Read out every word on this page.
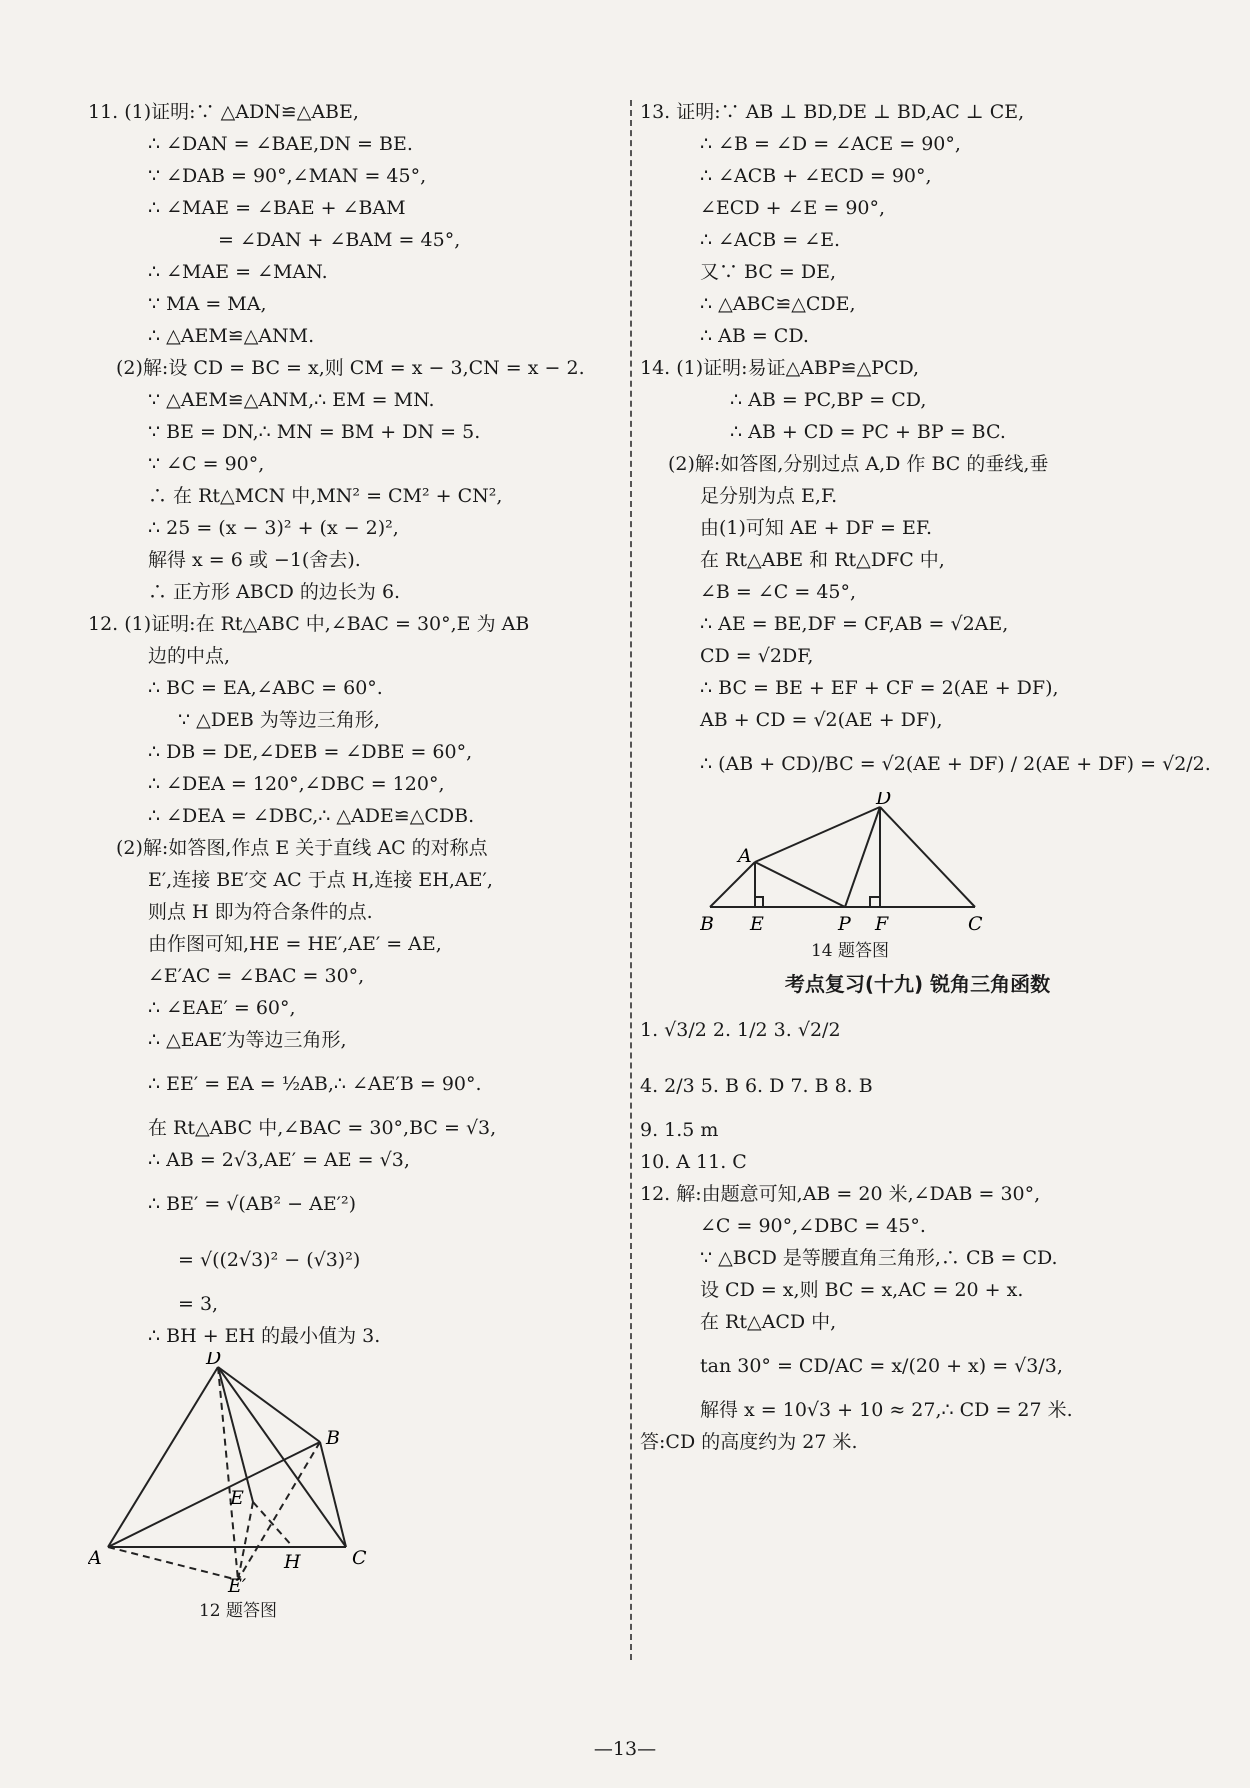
11. (1)证明:∵ △ADN≌△ABE,
∴ ∠DAN = ∠BAE,DN = BE.
∵ ∠DAB = 90°,∠MAN = 45°,
∴ ∠MAE = ∠BAE + ∠BAM
= ∠DAN + ∠BAM = 45°,
∴ ∠MAE = ∠MAN.
∵ MA = MA,
∴ △AEM≌△ANM.
(2)解:设 CD = BC = x,则 CM = x − 3,CN = x − 2.
∵ △AEM≌△ANM,∴ EM = MN.
∵ BE = DN,∴ MN = BM + DN = 5.
∵ ∠C = 90°,
∴ 在 Rt△MCN 中,MN² = CM² + CN²,
∴ 25 = (x − 3)² + (x − 2)²,
解得 x = 6 或 −1(舍去).
∴ 正方形 ABCD 的边长为 6.
12. (1)证明:在 Rt△ABC 中,∠BAC = 30°,E 为 AB
边的中点,
∴ BC = EA,∠ABC = 60°.
∵ △DEB 为等边三角形,
∴ DB = DE,∠DEB = ∠DBE = 60°,
∴ ∠DEA = 120°,∠DBC = 120°,
∴ ∠DEA = ∠DBC,∴ △ADE≌△CDB.
(2)解:如答图,作点 E 关于直线 AC 的对称点
E′,连接 BE′交 AC 于点 H,连接 EH,AE′,
则点 H 即为符合条件的点.
由作图可知,HE = HE′,AE′ = AE,
∠E′AC = ∠BAC = 30°,
∴ ∠EAE′ = 60°,
∴ △EAE′为等边三角形,
∴ EE′ = EA = ½AB,∴ ∠AE′B = 90°.
在 Rt△ABC 中,∠BAC = 30°,BC = √3,
∴ AB = 2√3,AE′ = AE = √3,
∴ BE′ = √(AB² − AE′²)
= √((2√3)² − (√3)²)
= 3,
∴ BH + EH 的最小值为 3.
D
B
E
A	H	C
E′
12 题答图
13. 证明:∵ AB ⊥ BD,DE ⊥ BD,AC ⊥ CE,
∴ ∠B = ∠D = ∠ACE = 90°,
∴ ∠ACB + ∠ECD = 90°,
∠ECD + ∠E = 90°,
∴ ∠ACB = ∠E.
又∵ BC = DE,
∴ △ABC≌△CDE,
∴ AB = CD.
14. (1)证明:易证△ABP≌△PCD,
∴ AB = PC,BP = CD,
∴ AB + CD = PC + BP = BC.
(2)解:如答图,分别过点 A,D 作 BC 的垂线,垂
足分别为点 E,F.
由(1)可知 AE + DF = EF.
在 Rt△ABE 和 Rt△DFC 中,
∠B = ∠C = 45°,
∴ AE = BE,DF = CF,AB = √2AE,
CD = √2DF,
∴ BC = BE + EF + CF = 2(AE + DF),
AB + CD = √2(AE + DF),
∴ (AB + CD)/BC = √2(AE + DF) / 2(AE + DF) = √2/2.
D
A
B E	P F	C
14 题答图
考点复习(十九) 锐角三角函数
1. √3/2 2. 1/2 3. √2/2
4. 2/3 5. B 6. D 7. B 8. B
9. 1.5 m
10. A 11. C
12. 解:由题意可知,AB = 20 米,∠DAB = 30°,
∠C = 90°,∠DBC = 45°.
∵ △BCD 是等腰直角三角形,∴ CB = CD.
设 CD = x,则 BC = x,AC = 20 + x.
在 Rt△ACD 中,
tan 30° = CD/AC = x/(20 + x) = √3/3,
解得 x = 10√3 + 10 ≈ 27,∴ CD = 27 米.
答:CD 的高度约为 27 米.
—13—
